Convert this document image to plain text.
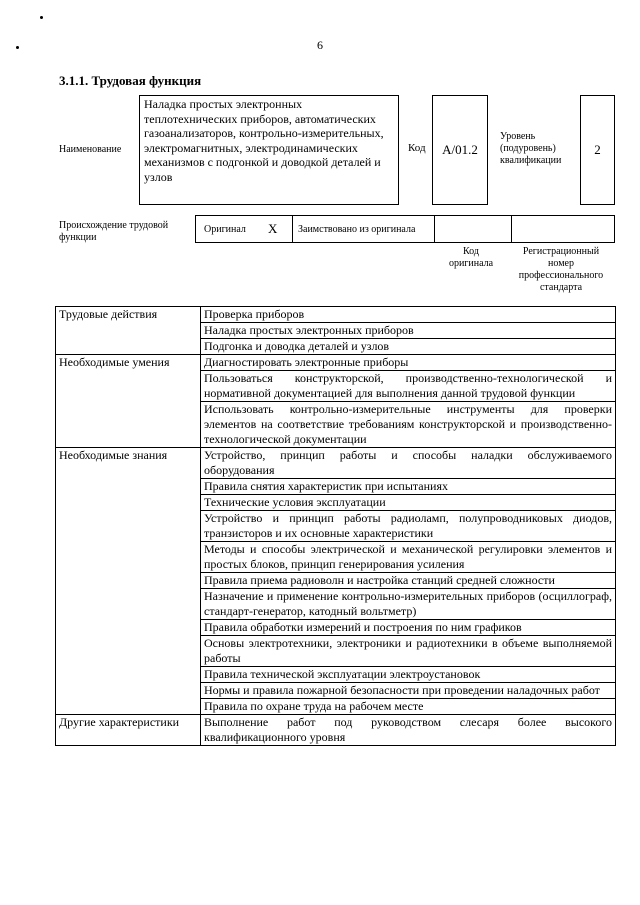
6
3.1.1. Трудовая функция
Наименование
Наладка простых электронных теплотехнических приборов, автоматических газоанализаторов, контрольно-измерительных, электромагнитных, электродинамических механизмов с подгонкой и доводкой деталей и узлов
Код A/01.2
Уровень (подуровень) квалификации
2
Происхождение трудовой функции
Оригинал X Заимствовано из оригинала
Код оригинала
Регистрационный номер профессионального стандарта
Трудовые действия	Проверка приборов
	Наладка простых электронных приборов
	Подгонка и доводка деталей и узлов
Необходимые умения	Диагностировать электронные приборы
	Пользоваться конструкторской, производственно-технологической и нормативной документацией для выполнения данной трудовой функции
	Использовать контрольно-измерительные инструменты для проверки элементов на соответствие требованиям конструкторской и производственно-технологической документации
Необходимые знания	Устройство, принцип работы и способы наладки обслуживаемого оборудования
	Правила снятия характеристик при испытаниях
	Технические условия эксплуатации
	Устройство и принцип работы радиоламп, полупроводниковых диодов, транзисторов и их основные характеристики
	Методы и способы электрической и механической регулировки элементов и простых блоков, принцип генерирования усиления
	Правила приема радиоволн и настройка станций средней сложности
	Назначение и применение контрольно-измерительных приборов (осциллограф, стандарт-генератор, катодный вольтметр)
	Правила обработки измерений и построения по ним графиков
	Основы электротехники, электроники и радиотехники в объеме выполняемой работы
	Правила технической эксплуатации электроустановок
	Нормы и правила пожарной безопасности при проведении наладочных работ
	Правила по охране труда на рабочем месте
Другие характеристики	Выполнение работ под руководством слесаря более высокого квалификационного уровня
